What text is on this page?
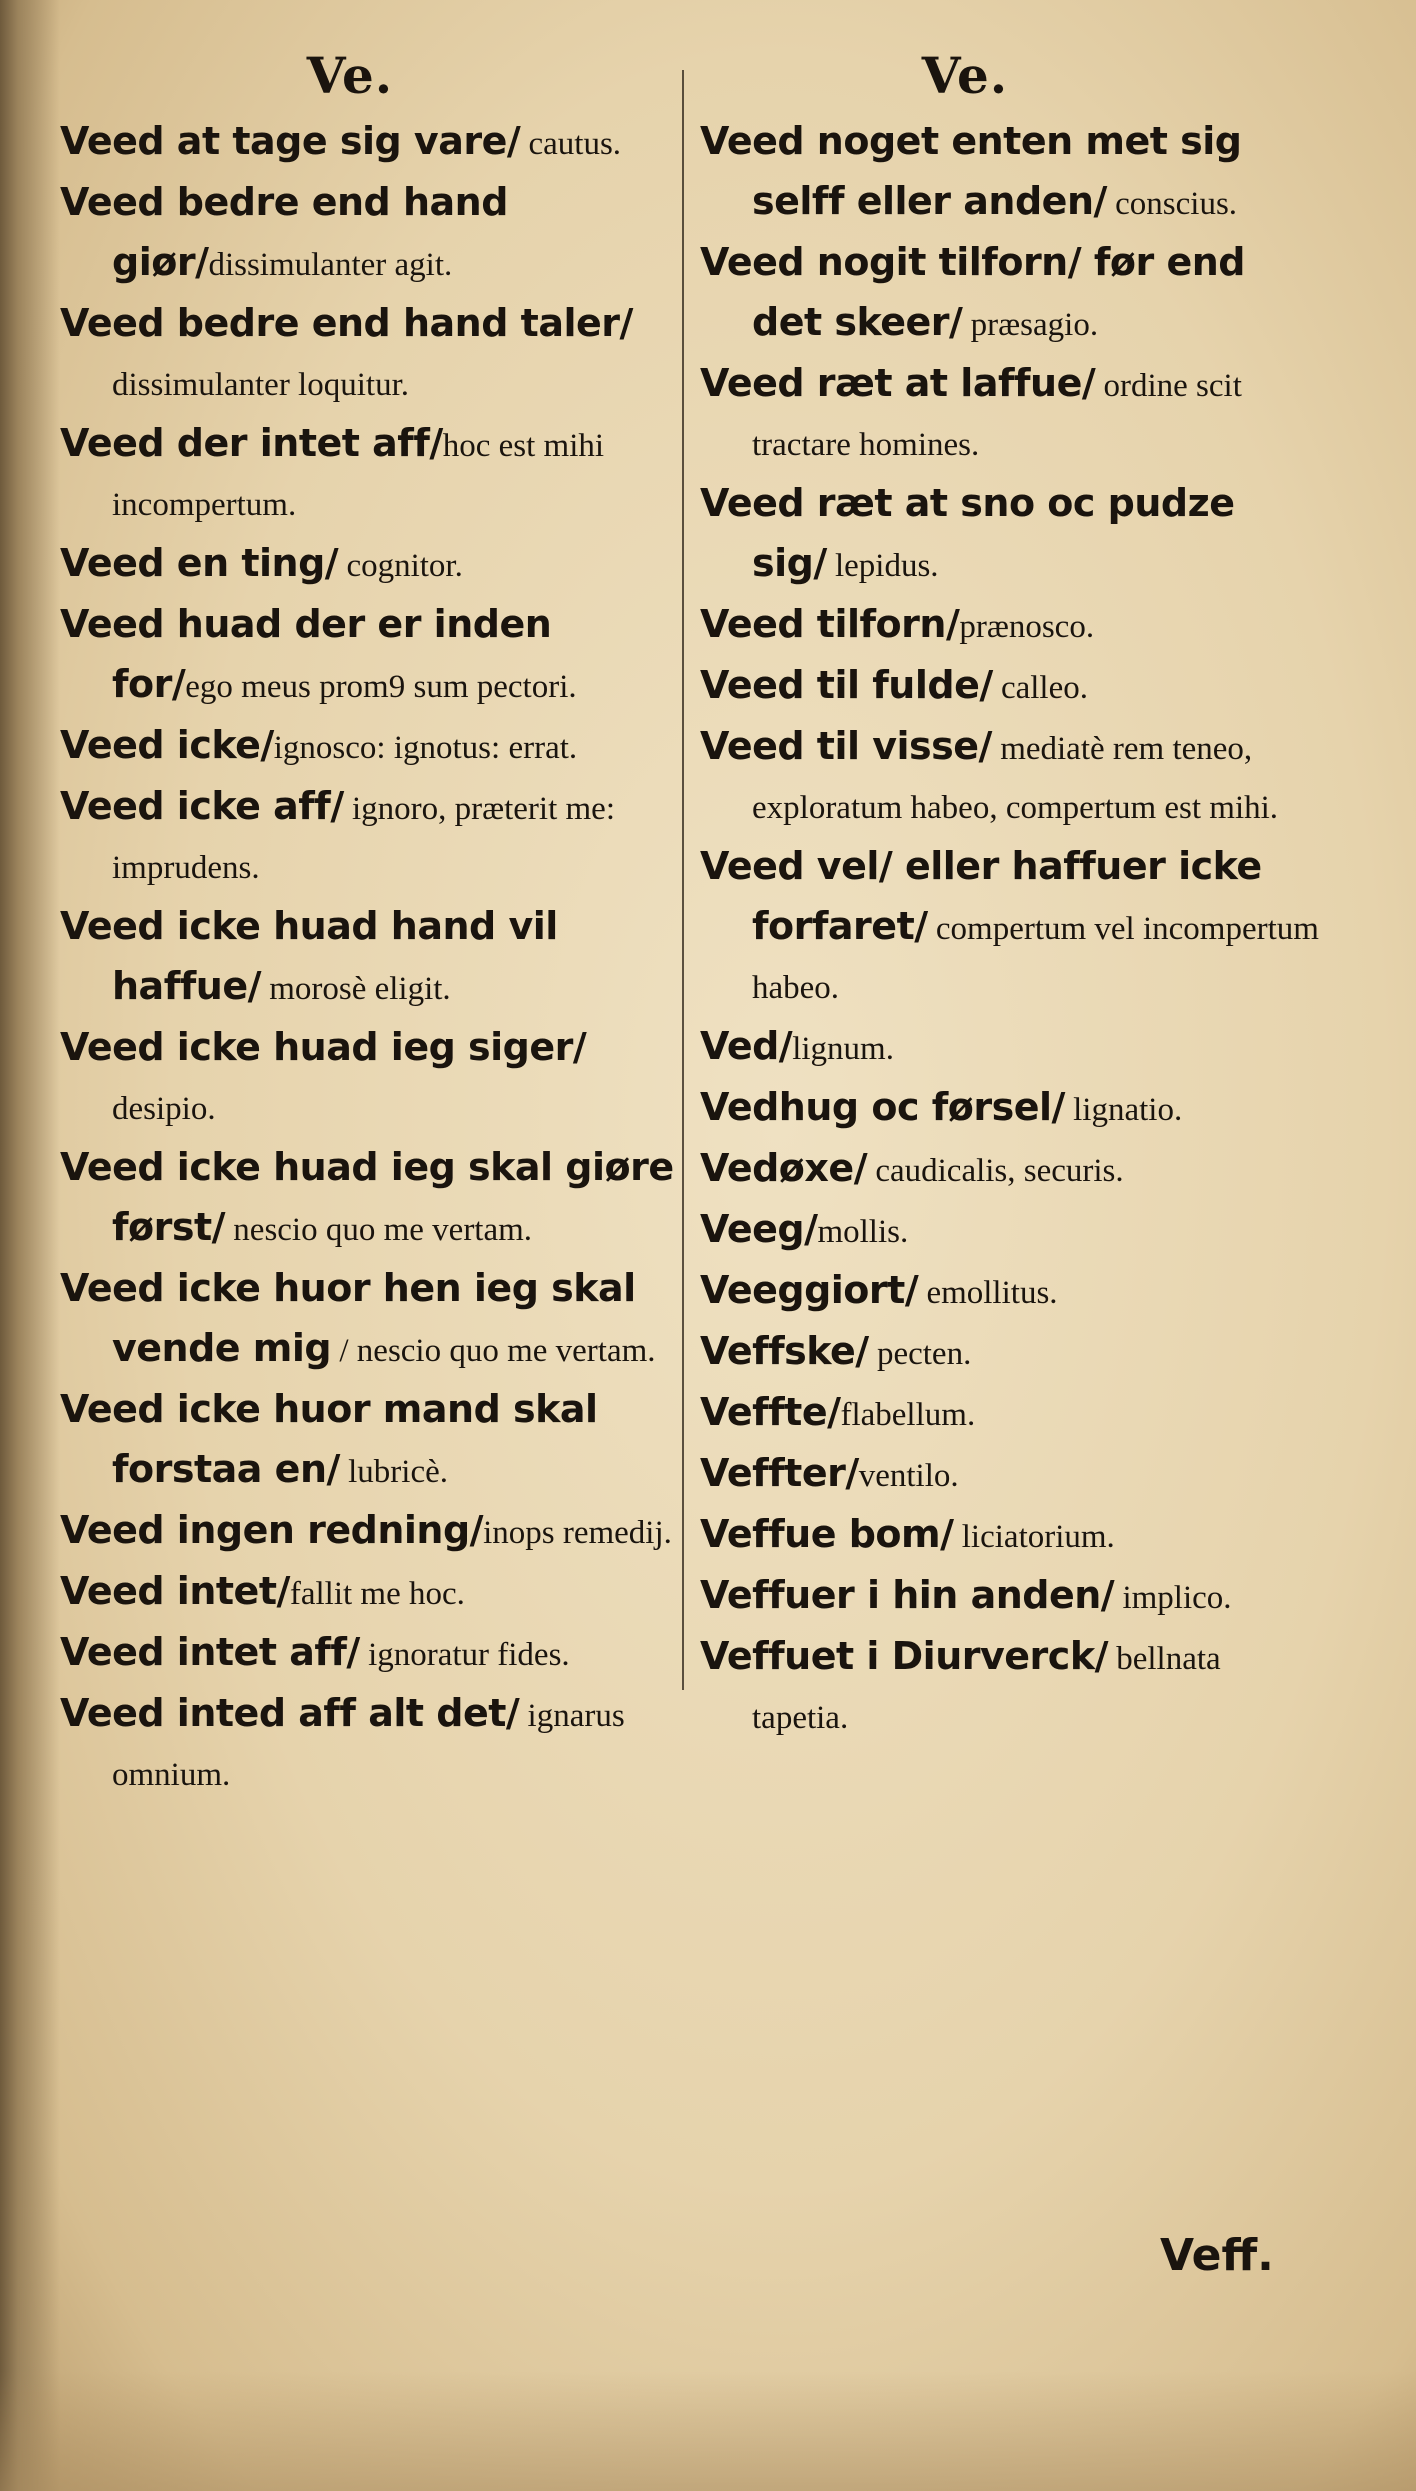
Ve.

Veed at tage sig vare/ cautus.

Veed bedre end hand giør/dissimulanter agit.

Veed bedre end hand taler/ dissimulanter loquitur.

Veed der intet aff/hoc est mihi incompertum.

Veed en ting/ cognitor.

Veed huad der er inden for/ego meus prom9 sum pectori.

Veed icke/ignosco: ignotus: errat.

Veed icke aff/ ignoro, præterit me: imprudens.

Veed icke huad hand vil haffue/ morosè eligit.

Veed icke huad ieg siger/ desipio.

Veed icke huad ieg skal giøre først/ nescio quo me vertam.

Veed icke huor hen ieg skal vende mig / nescio quo me vertam.

Veed icke huor mand skal forstaa en/ lubricè.

Veed ingen redning/inops remedij.

Veed intet/fallit me hoc.

Veed intet aff/ ignoratur fides.

Veed inted aff alt det/ ignarus omnium.

Ve.

Veed noget enten met sig selff eller anden/ conscius.

Veed nogit tilforn/ før end det skeer/ præsagio.

Veed ræt at laffue/ ordine scit tractare homines.

Veed ræt at sno oc pudze sig/ lepidus.

Veed tilforn/prænosco.

Veed til fulde/ calleo.

Veed til visse/ mediatè rem teneo, exploratum habeo, compertum est mihi.

Veed vel/ eller haffuer icke forfaret/ compertum vel incompertum habeo.

Ved/lignum.

Vedhug oc førsel/ lignatio.

Vedøxe/ caudicalis, securis.

Veeg/mollis.

Veeggiort/ emollitus.

Veffske/ pecten.

Veffte/flabellum.

Veffter/ventilo.

Veffue bom/ liciatorium.

Veffuer i hin anden/ implico.

Veffuet i Diurverck/ bellnata tapetia.

Veff.
